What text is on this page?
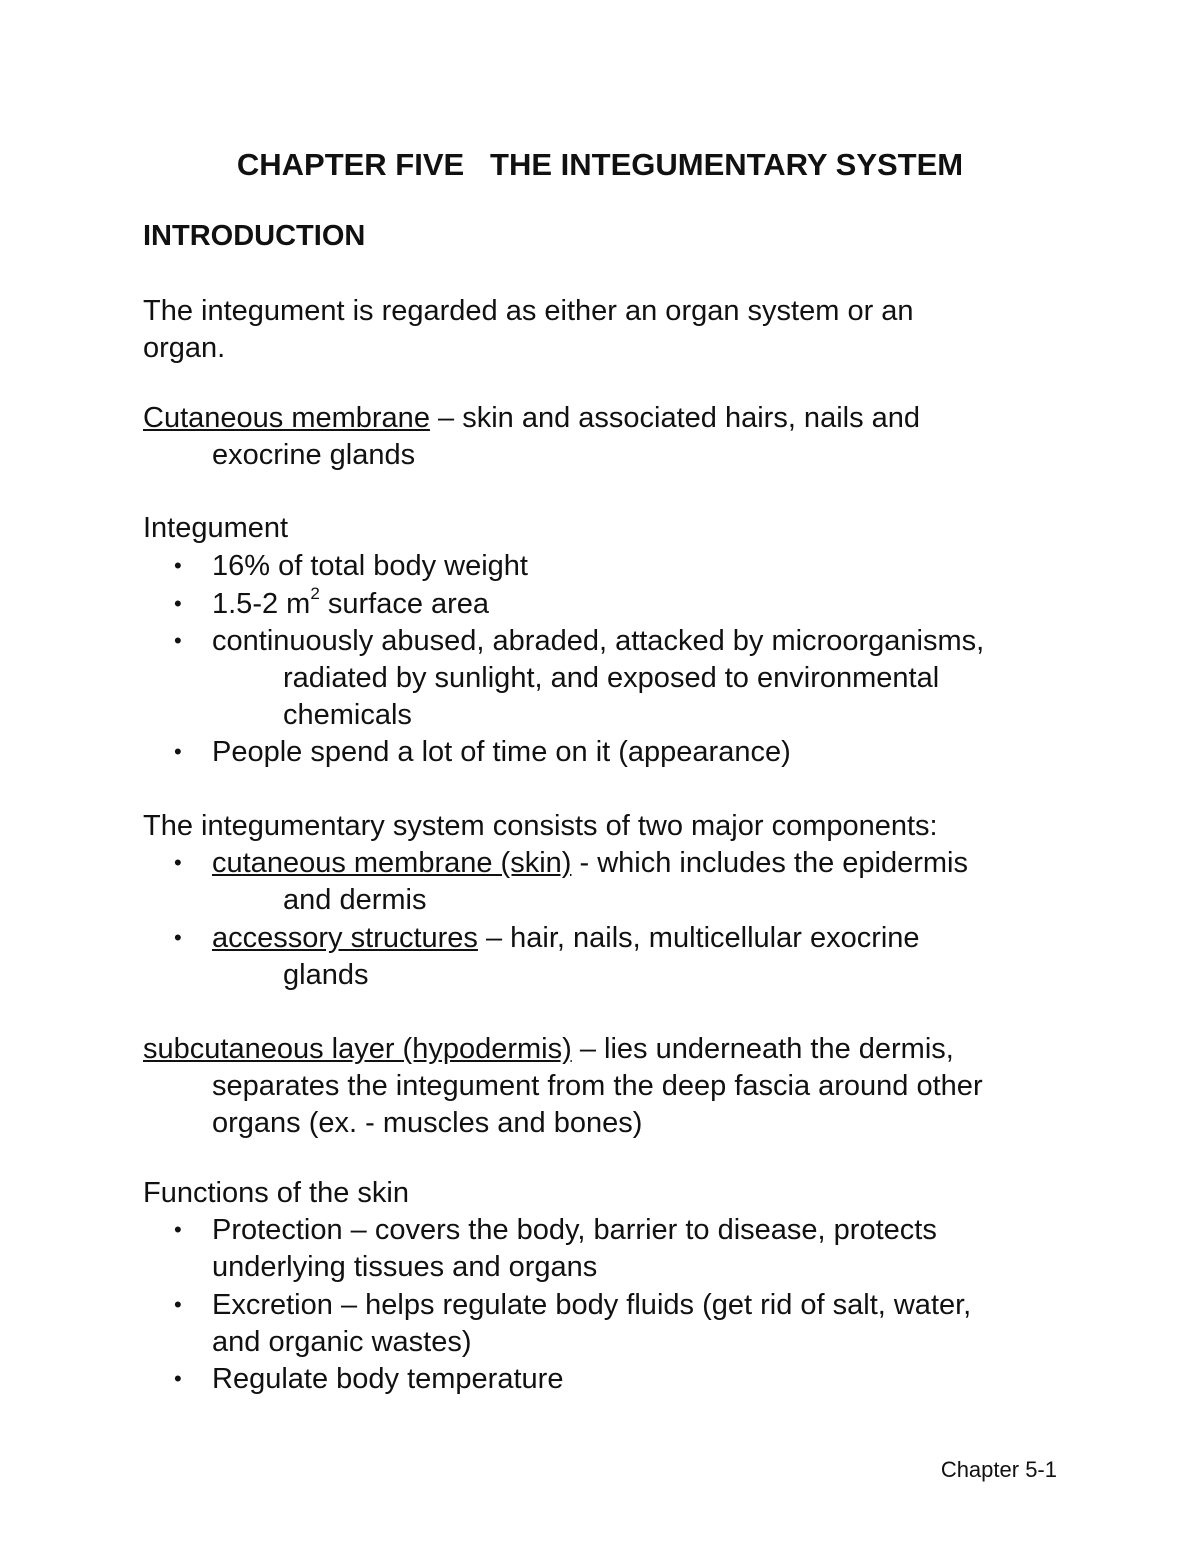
CHAPTER FIVE   THE INTEGUMENTARY SYSTEM
INTRODUCTION
The integument is regarded as either an organ system or an
organ.
Cutaneous membrane – skin and associated hairs, nails and
exocrine glands
Integument
• 16% of total body weight
• 1.5-2 $m^2$ surface area
• continuously abused, abraded, attacked by microorganisms,
radiated by sunlight, and exposed to environmental
chemicals
• People spend a lot of time on it (appearance)
The integumentary system consists of two major components:
• cutaneous membrane (skin) - which includes the epidermis
and dermis
• accessory structures – hair, nails, multicellular exocrine
glands
subcutaneous layer (hypodermis) – lies underneath the dermis,
separates the integument from the deep fascia around other
organs (ex. - muscles and bones)
Functions of the skin
• Protection – covers the body, barrier to disease, protects
underlying tissues and organs
• Excretion – helps regulate body fluids (get rid of salt, water,
and organic wastes)
• Regulate body temperature
Chapter 5-1
